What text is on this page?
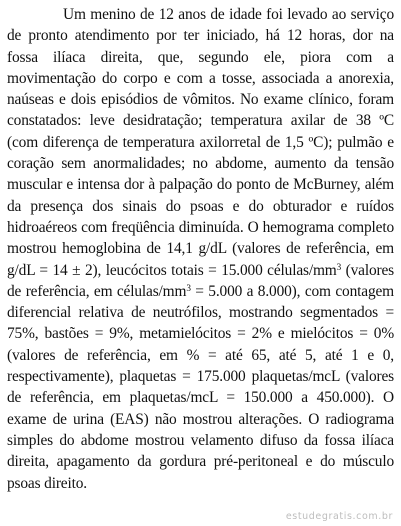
Um menino de 12 anos de idade foi levado ao serviço de pronto atendimento por ter iniciado, há 12 horas, dor na fossa ilíaca direita, que, segundo ele, piora com a movimentação do corpo e com a tosse, associada a anorexia, naúseas e dois episódios de vômitos. No exame clínico, foram constatados: leve desidratação; temperatura axilar de 38 ºC (com diferença de temperatura axilorretal de 1,5 ºC); pulmão e coração sem anormalidades; no abdome, aumento da tensão muscular e intensa dor à palpação do ponto de McBurney, além da presença dos sinais do psoas e do obturador e ruídos hidroaéreos com freqüência diminuída. O hemograma completo mostrou hemoglobina de 14,1 g/dL (valores de referência, em g/dL = 14 ± 2), leucócitos totais = 15.000 células/$mm^3$ (valores de referência, em células/$mm^3 = 5.000$ a 8.000), com contagem diferencial relativa de neutrófilos, mostrando segmentados = 75%, bastões = 9%, metamielócitos = 2% e mielócitos = 0% (valores de referência, em % = até 65, até 5, até 1 e 0, respectivamente), plaquetas = 175.000 plaquetas/mcL (valores de referência, em plaquetas/mcL = 150.000 a 450.000). O exame de urina (EAS) não mostrou alterações. O radiograma simples do abdome mostrou velamento difuso da fossa ilíaca direita, apagamento da gordura pré-peritoneal e do músculo psoas direito.

estudegratis.com.br
